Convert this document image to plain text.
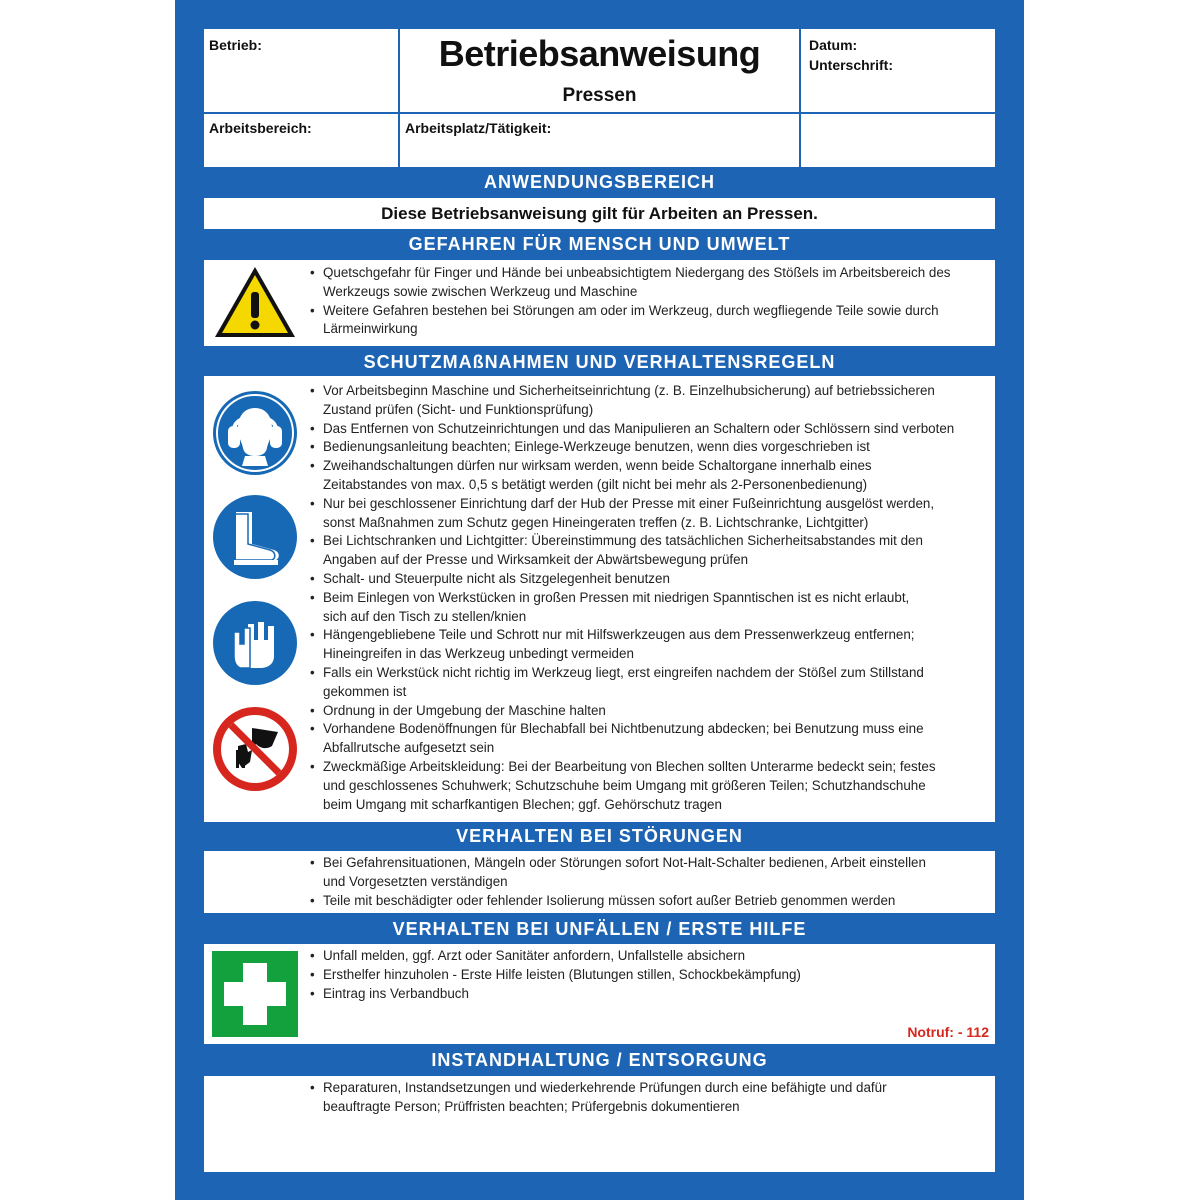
Betrieb:	Betriebsanweisung
Pressen
Datum:
Unterschrift:
Arbeitsbereich:	Arbeitsplatz/Tätigkeit:
ANWENDUNGSBEREICH
Diese Betriebsanweisung gilt für Arbeiten an Pressen.
GEFAHREN FÜR MENSCH UND UMWELT
• Quetschgefahr für Finger und Hände bei unbeabsichtigtem Niedergang des Stößels im Arbeitsbereich des
Werkzeugs sowie zwischen Werkzeug und Maschine
• Weitere Gefahren bestehen bei Störungen am oder im Werkzeug, durch wegfliegende Teile sowie durch
Lärmeinwirkung
SCHUTZMAßNAHMEN UND VERHALTENSREGELN
• Vor Arbeitsbeginn Maschine und Sicherheitseinrichtung (z. B. Einzelhubsicherung) auf betriebssicheren
Zustand prüfen (Sicht- und Funktionsprüfung)
• Das Entfernen von Schutzeinrichtungen und das Manipulieren an Schaltern oder Schlössern sind verboten
• Bedienungsanleitung beachten; Einlege-Werkzeuge benutzen, wenn dies vorgeschrieben ist
• Zweihandschaltungen dürfen nur wirksam werden, wenn beide Schaltorgane innerhalb eines
Zeitabstandes von max. 0,5 s betätigt werden (gilt nicht bei mehr als 2-Personenbedienung)
• Nur bei geschlossener Einrichtung darf der Hub der Presse mit einer Fußeinrichtung ausgelöst werden,
sonst Maßnahmen zum Schutz gegen Hineingeraten treffen (z. B. Lichtschranke, Lichtgitter)
• Bei Lichtschranken und Lichtgitter: Übereinstimmung des tatsächlichen Sicherheitsabstandes mit den
Angaben auf der Presse und Wirksamkeit der Abwärtsbewegung prüfen
• Schalt- und Steuerpulte nicht als Sitzgelegenheit benutzen
• Beim Einlegen von Werkstücken in großen Pressen mit niedrigen Spanntischen ist es nicht erlaubt,
sich auf den Tisch zu stellen/knien
• Hängengebliebene Teile und Schrott nur mit Hilfswerkzeugen aus dem Pressenwerkzeug entfernen;
Hineingreifen in das Werkzeug unbedingt vermeiden
• Falls ein Werkstück nicht richtig im Werkzeug liegt, erst eingreifen nachdem der Stößel zum Stillstand
gekommen ist
• Ordnung in der Umgebung der Maschine halten
• Vorhandene Bodenöffnungen für Blechabfall bei Nichtbenutzung abdecken; bei Benutzung muss eine
Abfallrutsche aufgesetzt sein
• Zweckmäßige Arbeitskleidung: Bei der Bearbeitung von Blechen sollten Unterarme bedeckt sein; festes
und geschlossenes Schuhwerk; Schutzschuhe beim Umgang mit größeren Teilen; Schutzhandschuhe
beim Umgang mit scharfkantigen Blechen; ggf. Gehörschutz tragen
VERHALTEN BEI STÖRUNGEN
• Bei Gefahrensituationen, Mängeln oder Störungen sofort Not-Halt-Schalter bedienen, Arbeit einstellen
und Vorgesetzten verständigen
• Teile mit beschädigter oder fehlender Isolierung müssen sofort außer Betrieb genommen werden
VERHALTEN BEI UNFÄLLEN / ERSTE HILFE
• Unfall melden, ggf. Arzt oder Sanitäter anfordern, Unfallstelle absichern
• Ersthelfer hinzuholen - Erste Hilfe leisten (Blutungen stillen, Schockbekämpfung)
• Eintrag ins Verbandbuch
Notruf: - 112
INSTANDHALTUNG / ENTSORGUNG
• Reparaturen, Instandsetzungen und wiederkehrende Prüfungen durch eine befähigte und dafür
beauftragte Person; Prüffristen beachten; Prüfergebnis dokumentieren
